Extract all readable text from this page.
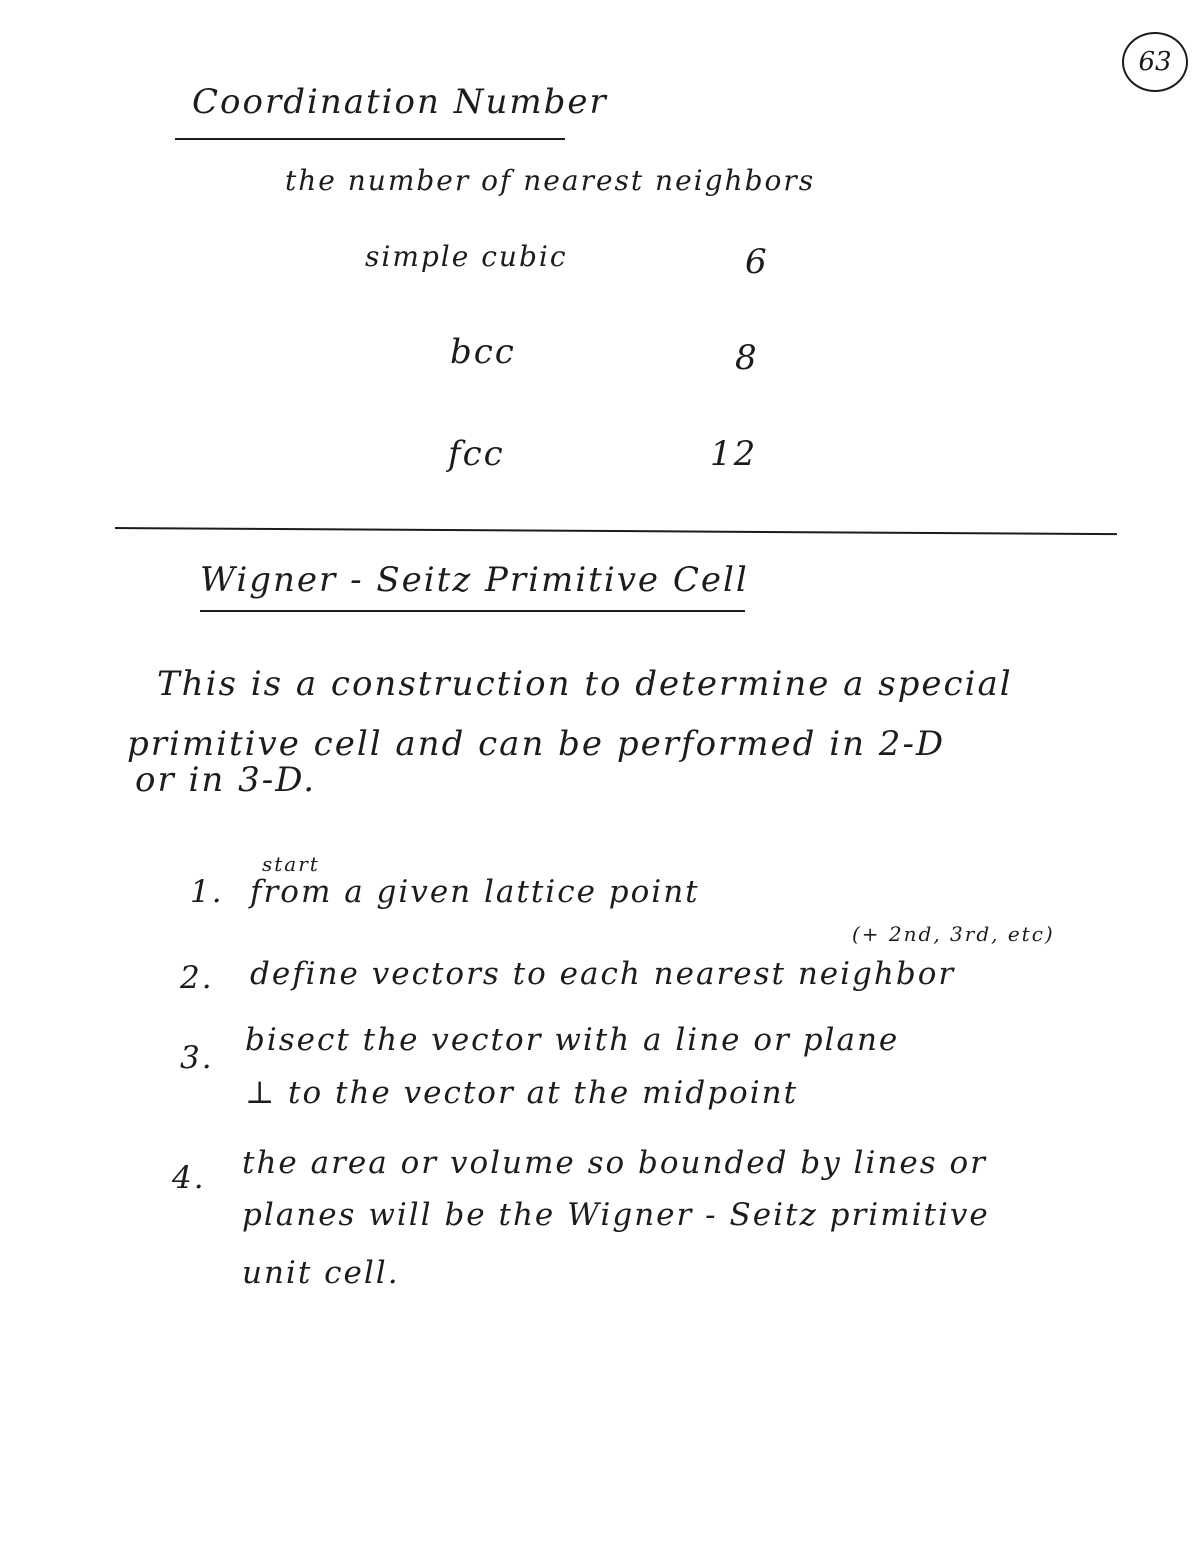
63
Coordination Number
the number of nearest neighbors
simple cubic	6
bcc	8
fcc	12
Wigner - Seitz Primitive Cell
This is a construction to determine a special
primitive cell and can be performed in 2-D
or in 3-D.
start
1. from a given lattice point
(+ 2nd, 3rd, etc)
2. define vectors to each nearest neighbor
3. bisect the vector with a line or plane
⊥ to the vector at the midpoint
4. the area or volume so bounded by lines or
planes will be the Wigner - Seitz primitive
unit cell.
